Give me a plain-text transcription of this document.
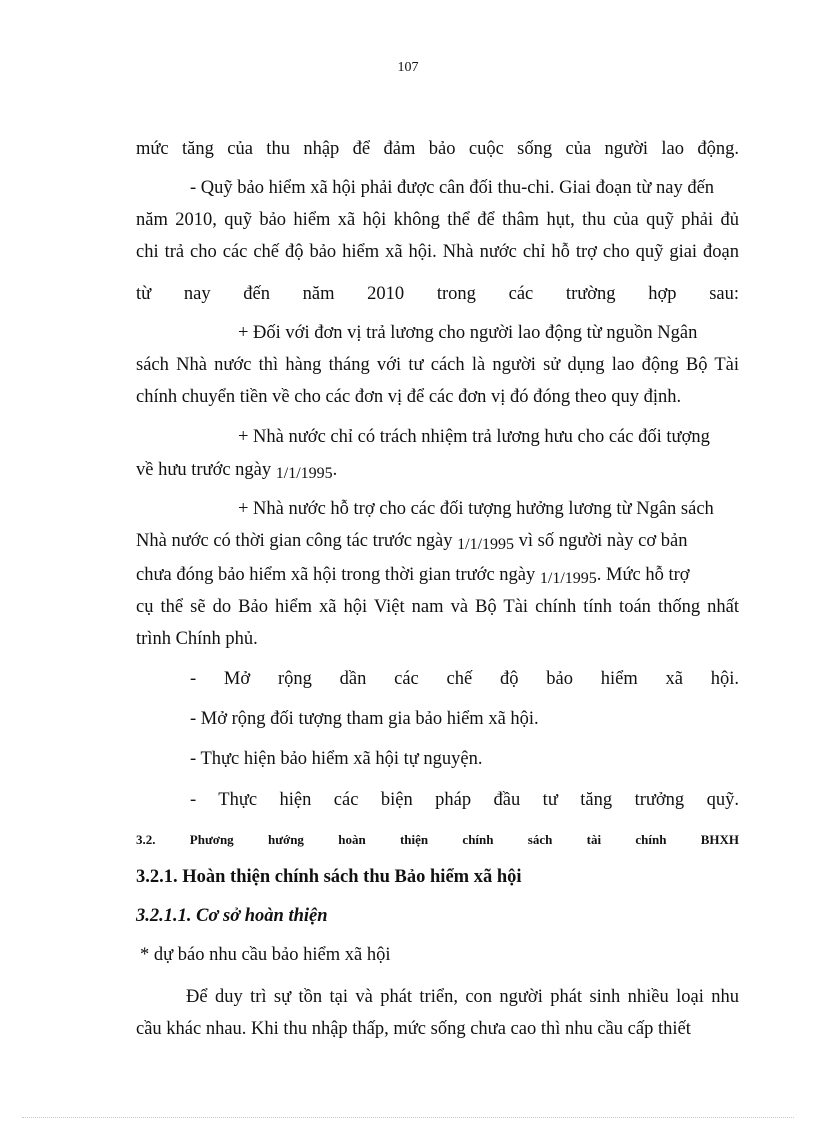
107
mức tăng của thu nhập để đảm bảo cuộc sống của người lao động.
- Quỹ bảo hiểm xã hội phải được cân đối thu-chi. Giai đoạn từ nay đến
năm 2010, quỹ bảo hiểm xã hội không thể để thâm hụt, thu của quỹ phải đủ
chi trả cho các chế độ bảo hiểm xã hội. Nhà nước chỉ hỗ trợ cho quỹ giai đoạn
từ nay đến năm 2010 trong các trường hợp sau:
+ Đối với đơn vị trả lương cho người lao động từ nguồn Ngân
sách Nhà nước thì hàng tháng với tư cách là người sử dụng lao động Bộ Tài
chính chuyển tiền về cho các đơn vị để các đơn vị đó đóng theo quy định.
+ Nhà nước chỉ có trách nhiệm trả lương hưu cho các đối tượng
về hưu trước ngày 1/1/1995.
+ Nhà nước hỗ trợ cho các đối tượng hưởng lương từ Ngân sách
Nhà nước có thời gian công tác trước ngày 1/1/1995 vì số người này cơ bản
chưa đóng bảo hiểm xã hội trong thời gian trước ngày 1/1/1995. Mức hỗ trợ
cụ thể sẽ do Bảo hiểm xã hội Việt nam và Bộ Tài chính tính toán thống nhất
trình Chính phủ.
- Mở rộng dần các chế độ bảo hiểm xã hội.
- Mở rộng đối tượng tham gia bảo hiểm xã hội.
- Thực hiện bảo hiểm xã hội tự nguyện.
- Thực hiện các biện pháp đầu tư tăng trưởng quỹ.
3.2. Phương hướng hoàn thiện chính sách tài chính BHXH
3.2.1. Hoàn thiện chính sách thu Bảo hiểm xã hội
3.2.1.1. Cơ sở hoàn thiện
* dự báo nhu cầu bảo hiểm xã hội
Để duy trì sự tồn tại và phát triển, con người phát sinh nhiều loại nhu
cầu khác nhau. Khi thu nhập thấp, mức sống chưa cao thì nhu cầu cấp thiết
